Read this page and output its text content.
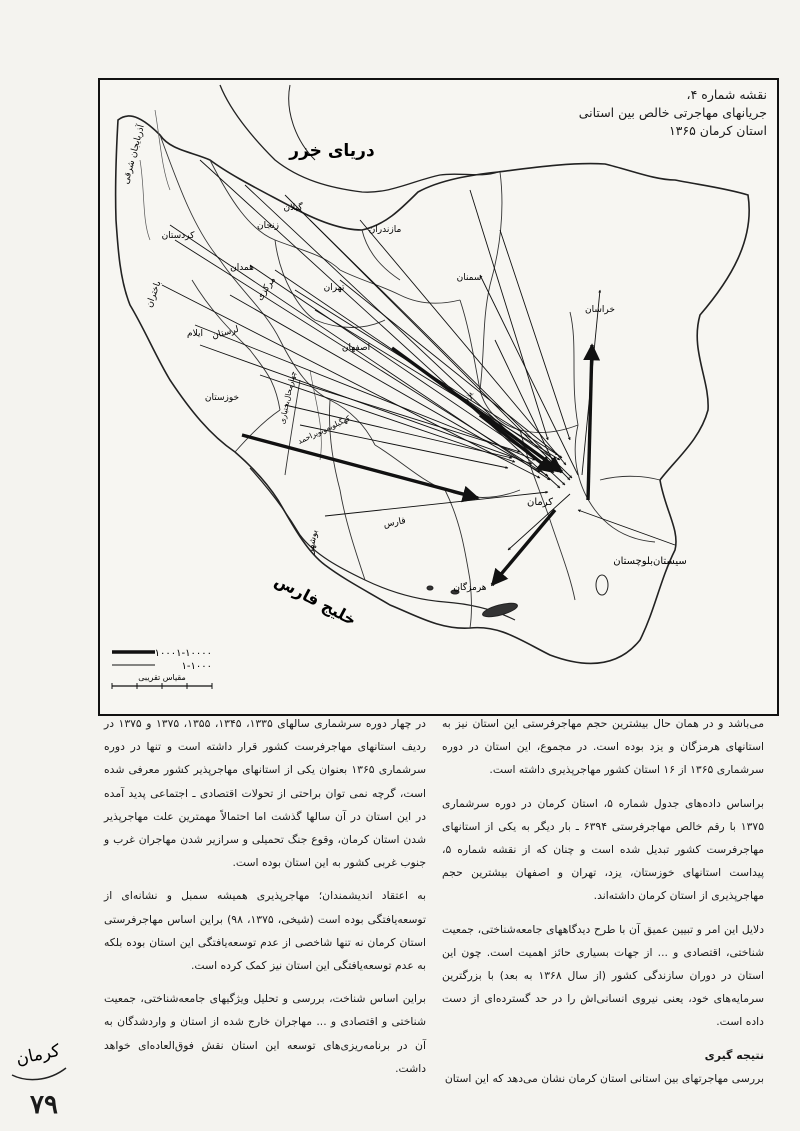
۱۰۰۰۱-۱۰۰۰۰
۱-۱۰۰۰
مقیاس تقریبی
دریای خزر
خلیج فارس
آذربایجان شرقی
گیلان
زنجان	مازندران
کردستان
همدان
مرکزی	تهران
باختران
لرستان
ایلام
سمنان
خراسان
اصفهان
خوزستان	چهارمحال‌بختیاری
کهگیلویه‌وبویراحمد
یزد
کرمان
فارس
بوشهر
هرمزگان
سیستان‌بلوچستان
نقشه شماره ۴،
جریانهای مهاجرتی خالص بین استانی
استان کرمان ۱۳۶۵

می‌باشد و در همان حال بیشترین حجم مهاجرفرستی این استان نیز به استانهای هرمزگان و یزد بوده است. در مجموع، این استان در دوره سرشماری ۱۳۶۵ از ۱۶ استان کشور مهاجرپذیری داشته است.

براساس داده‌های جدول شماره ۵، استان کرمان در دوره سرشماری ۱۳۷۵ با رقم خالص مهاجرفرستی ۶۳۹۴ ـ بار دیگر به یکی از استانهای مهاجرفرست کشور تبدیل شده است و چنان که از نقشه شماره ۵، پیداست استانهای خوزستان، یزد، تهران و اصفهان بیشترین حجم مهاجرپذیری از استان کرمان داشته‌اند.

دلایل این امر و تبیین عمیق آن با طرح دیدگاههای جامعه‌شناختی، جمعیت شناختی، اقتصادی و ... از جهات بسیاری حائز اهمیت است. چون این استان در دوران سازندگی کشور (از سال ۱۳۶۸ به بعد) با بزرگترین سرمایه‌های خود، یعنی نیروی انسانی‌اش را در حد گسترده‌ای از دست داده است.

نتیجه گیری

بررسی مهاجرتهای بین استانی استان کرمان نشان می‌دهد که این استان

در چهار دوره سرشماری سالهای ۱۳۳۵، ۱۳۴۵، ۱۳۵۵، ۱۳۷۵ و ۱۳۷۵ در ردیف استانهای مهاجرفرست کشور قرار داشته است و تنها در دوره سرشماری ۱۳۶۵ بعنوان یکی از استانهای مهاجرپذیر کشور معرفی شده است، گرچه نمی توان براحتی از تحولات اقتصادی ـ اجتماعی پدید آمده در این استان در آن سالها گذشت اما احتمالاً مهمترین علت مهاجرپذیر شدن استان کرمان، وقوع جنگ تحمیلی و سرازیر شدن مهاجران غرب و جنوب غربی کشور به این استان بوده است.

به اعتقاد اندیشمندان؛ مهاجرپذیری همیشه سمبل و نشانه‌ای از توسعه‌یافتگی بوده است (شیخی، ۱۳۷۵، ۹۸) براین اساس مهاجرفرستی استان کرمان نه تنها شاخصی از عدم توسعه‌یافتگی این استان بوده بلکه به عدم توسعه‌یافتگی این استان نیز کمک کرده است.

براین اساس شناخت، بررسی و تحلیل ویژگیهای جامعه‌شناختی، جمعیت شناختی و اقتصادی و ... مهاجران خارج شده از استان و واردشدگان به آن در برنامه‌ریزی‌های توسعه این استان نقش فوق‌العاده‌ای خواهد داشت.

کرمان
۷۹
